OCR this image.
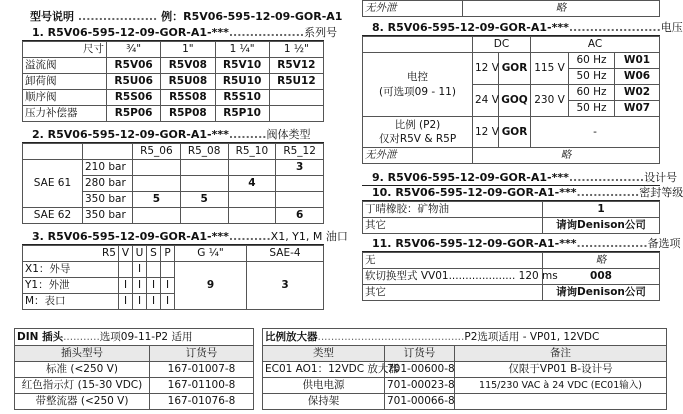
型号说明 ................... 例：R5V06-595-12-09-GOR-A1
1. R5V06-595-12-09-GOR-A1-***..................系列号
尺寸	¾"	1"	1 ¼"	1 ½"
溢流阀	R5V06	R5V08	R5V10	R5V12
卸荷阀	R5U06	R5U08	R5U10	R5U12
顺序阀	R5S06	R5S08	R5S10	
压力补偿器	R5P06	R5P08	R5P10	
2. R5V06-595-12-09-GOR-A1-***.........阀体类型
		R5_06	R5_08	R5_10	R5_12
SAE 61	210 bar				3
	280 bar			4	
	350 bar	5	5		
SAE 62	350 bar				6
3. R5V06-595-12-09-GOR-A1-***..........X1, Y1, M 油口
R5	V	U	S	P	G ¼"	SAE-4
X1：外导		I			9	3
Y1：外泄	I	I	I	I		
M：表口	I	I	I	I		
无外泄	略
8. R5V06-595-12-09-GOR-A1-***......................电压
	DC		AC		

电控
(可选项09 - 11)	12 V	GOR	115 V	60 Hz	W01
				50 Hz	W06
	24 V	GOQ	230 V	60 Hz	W02
				50 Hz	W07

比例 (P2)
仅对R5V & R5P	12 V	GOR	-		
无外泄	略				
9. R5V06-595-12-09-GOR-A1-***..................设计号
10. R5V06-595-12-09-GOR-A1-***...............密封等级
丁晴橡胶：矿物油	1
其它	请询Denison公司
11. R5V06-595-12-09-GOR-A1-***.................备选项
无	略
软切换型式 VV01.................... 120 ms	008
其它	请询Denison公司
DIN 插头...........选项09-11-P2 适用	
插头型号	订货号
标准 (<250 V)	167-01007-8
红色指示灯 (15-30 VDC)	167-01100-8
带整流器 (<250 V)	167-01076-8
比例放大器............................................P2选项适用 - VP01, 12VDC		
类型	订货号	备注
EC01 AO1：12VDC 放大器	701-00600-8	仅限于VP01 B-设计号
供电电源	701-00023-8	115/230 VAC à 24 VDC (EC01输入)
保持架	701-00066-8	
